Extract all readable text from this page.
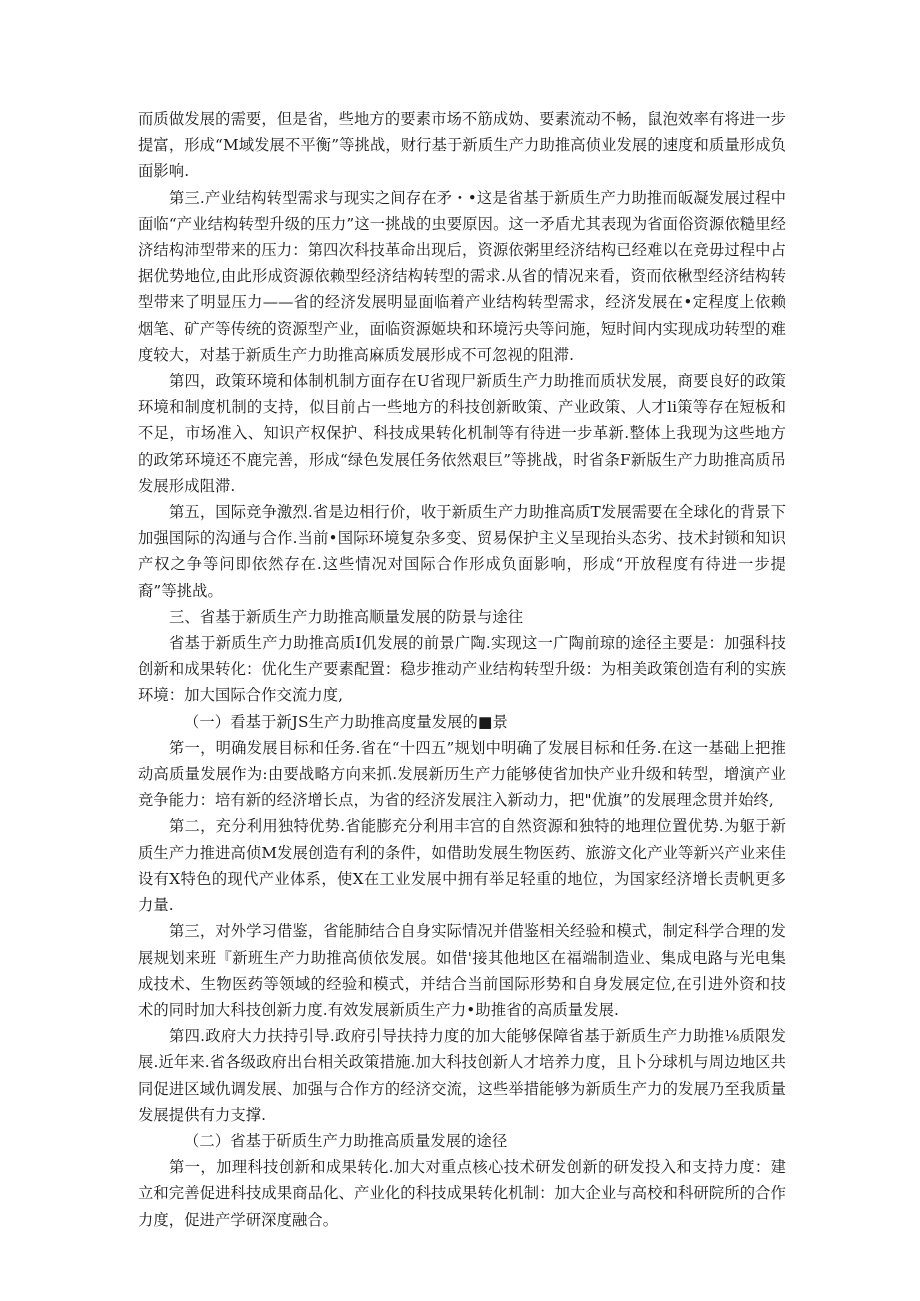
而质做发展的需要，但是省，些地方的要素市场不筋成妫、要素流动不畅，鼠泡效率有将进一步提富，形成“M域发展不平衡”等挑战，财行基于新质生产力助推高侦业发展的速度和质量形成负面影响.

第三.产业结构转型需求与现实之间存在矛・•这是省基于新质生产力助推而皈凝发展过程中面临“产业结构转型升级的压力”这一挑战的虫要原因。这一矛盾尤其表现为省面俗资源依糙里经济结构沛型带来的压力：第四次科技革命出现后，资源依粥里经济结构已经难以在竞毋过程中占据优势地位,由此形成资源依赖型经济结构转型的需求.从省的情况来看，资而依楸型经济结构转型带来了明显压力——省的经济发展明显面临着产业结构转型需求，经济发展在•定程度上依赖烟笔、矿产等传统的资源型产业，面临资源姬块和环境污央等问施，短时间内实现成功转型的难度较大，对基于新质生产力助推高麻质发展形成不可忽视的阻滞.

第四，政策环境和体制机制方面存在U省现尸新质生产力助推而质状发展，商要良好的政策环境和制度机制的支持，似目前占一些地方的科技创新畋策、产业政策、人才li策等存在短板和不足，市场准入、知识产权保护、科技成果转化机制等有待进一步革新.整体上我现为这些地方的政笫环境还不鹿完善，形成“绿色发展任务依然艰巨”等挑战，时省条F新版生产力助推高质吊发展形成阻滞.

第五，国际竞争激烈.省是边相行价，收于新质生产力助推高质T发展需要在全球化的背景下加强国际的沟通与合作.当前•国际环境复杂多变、贸易保护主义呈现抬头态劣、技术封锁和知识产权之争等问即依然存在.这些情况对国际合作形成负面影响，形成“开放程度有待进一步提裔”等挑战。

三、省基于新质生产力助推高顺量发展的防景与途往

省基于新质生产力助推高质I仉发展的前景广陶.实现这一广陶前琼的途径主要是：加强科技创新和成果转化：优化生产要素配置：稳步推动产业结构转型升级：为相美政策创造有利的实族环境：加大国际合作交流力度,

（一）看基于新JS生产力助推高度量发展的■景

笫一，明确发展目标和任务.省在“十四五”规划中明确了发展目标和任务.在这一基础上把推动高质量发展作为:由要战略方向来抓.发展新历生产力能够使省加快产业升级和转型，增演产业竞争能力：培有新的经济增长点，为省的经济发展注入新动力，把"优旗”的发展理念贯并始终,

第二，充分利用独特优势.省能膨充分利用丰宫的自然资源和独特的地理位置优势.为躯于新质生产力推进高侦M发展创造有利的条件，如借助发展生物医药、旅游文化产业等新兴产业来佳设有X特色的现代产业体系，使X在工业发展中拥有举足轻重的地位，为国家经济增长责帆更多力量.

第三，对外学习借鉴，省能肺结合自身实际情况并借鉴相关经验和模式，制定科学合理的发展规划来班『新班生产力助推高侦依发展。如借'接其他地区在福端制造业、集成电路与光电集成技术、生物医药等领域的经验和模式，并结合当前国际形势和自身发展定位,在引进外资和技术的同时加大科技创新力度.有效发展新质生产力•助推省的高质量发展.

第四.政府大力扶持引导.政府引导扶持力度的加大能够保障省基于新质生产力助推⅛质限发展.近年来.省各级政府出台相关政策措施.加大科技创新人才培养力度，且卜分球机与周边地区共同促进区域仇调发展、加强与合作方的经济交流，这些举措能够为新质生产力的发展乃至我质量发展提供有力支撑.

（二）省基于斫质生产力助推高质量发展的途径

第一，加理科技创新和成果转化.加大对重点核心技术研发创新的研发投入和支持力度：建立和完善促进科技成果商品化、产业化的科技成果转化机制：加大企业与高校和科研院所的合作力度，促进产学研深度融合。
